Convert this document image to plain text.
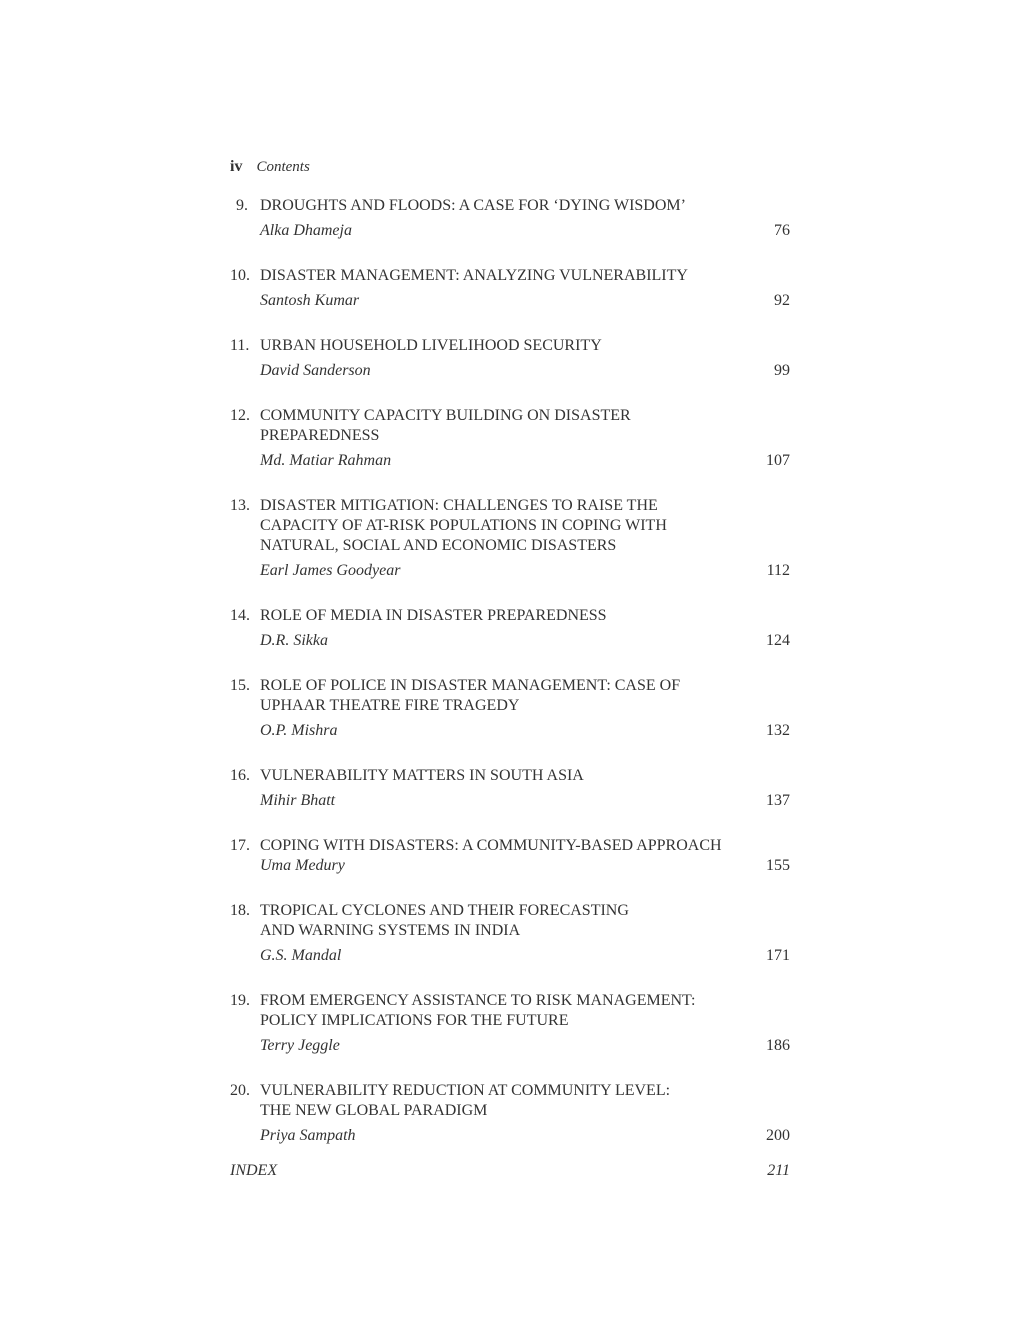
iv Contents
9. DROUGHTS AND FLOODS: A CASE FOR ‘DYING WISDOM’
Alka Dhameja	76
10. DISASTER MANAGEMENT: ANALYZING VULNERABILITY
Santosh Kumar	92
11. URBAN HOUSEHOLD LIVELIHOOD SECURITY
David Sanderson	99
12. COMMUNITY CAPACITY BUILDING ON DISASTER
PREPAREDNESS
Md. Matiar Rahman	107
13. DISASTER MITIGATION: CHALLENGES TO RAISE THE
CAPACITY OF AT-RISK POPULATIONS IN COPING WITH
NATURAL, SOCIAL AND ECONOMIC DISASTERS
Earl James Goodyear	112
14. ROLE OF MEDIA IN DISASTER PREPAREDNESS
D.R. Sikka	124
15. ROLE OF POLICE IN DISASTER MANAGEMENT: CASE OF
UPHAAR THEATRE FIRE TRAGEDY
O.P. Mishra	132
16. VULNERABILITY MATTERS IN SOUTH ASIA
Mihir Bhatt	137
17. COPING WITH DISASTERS: A COMMUNITY-BASED APPROACH
Uma Medury	155
18. TROPICAL CYCLONES AND THEIR FORECASTING
AND WARNING SYSTEMS IN INDIA
G.S. Mandal	171
19. FROM EMERGENCY ASSISTANCE TO RISK MANAGEMENT:
POLICY IMPLICATIONS FOR THE FUTURE
Terry Jeggle	186
20. VULNERABILITY REDUCTION AT COMMUNITY LEVEL:
THE NEW GLOBAL PARADIGM
Priya Sampath	200
INDEX	211
